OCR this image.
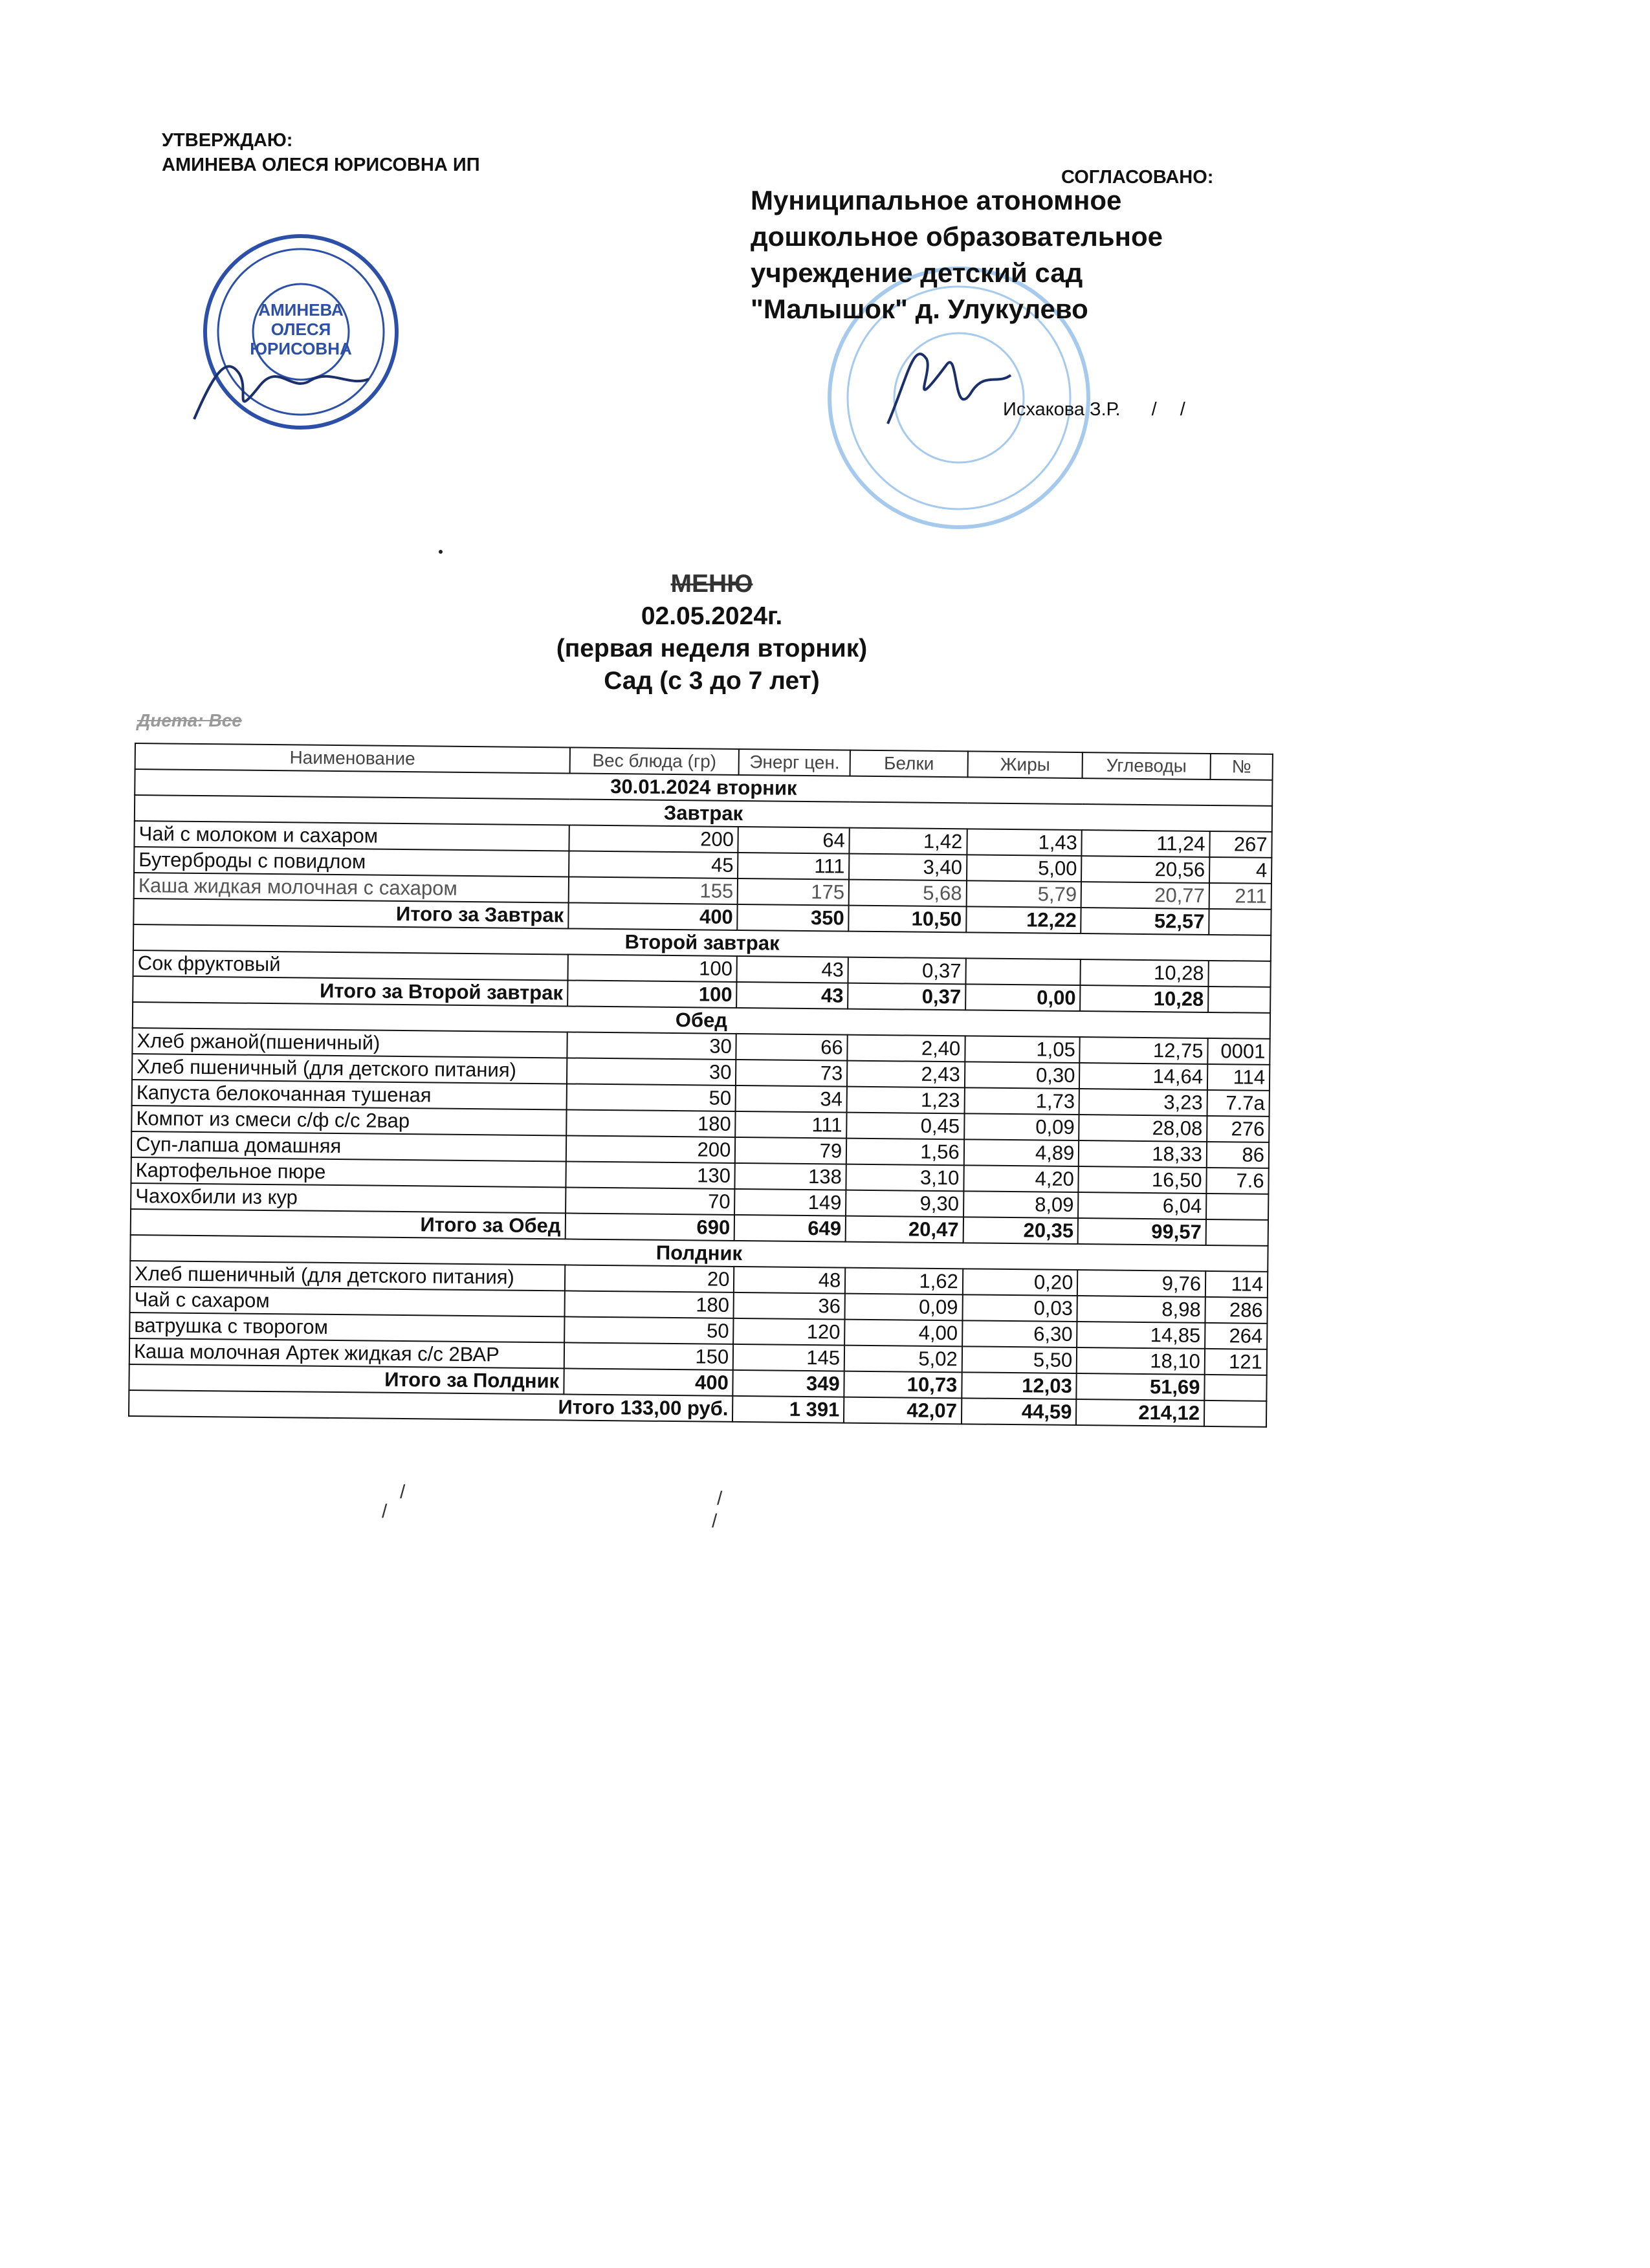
УТВЕРЖДАЮ:
АМИНЕВА ОЛЕСЯ ЮРИСОВНА ИП
АМИНЕВА
ОЛЕСЯ
ЮРИСОВНА
СОГЛАСОВАНО:
Муниципальное атономное
дошкольное образовательное
учреждение детский сад
"Малышок" д. Улукулево
Исхакова З.Р. / /
МЕНЮ
02.05.2024г.
(первая неделя вторник)
Сад (с 3 до 7 лет)
Диета: Все
Наименование	Вес блюда (гр)	Энерг цен.	Белки	Жиры	Углеводы	№
30.01.2024 вторник						
Завтрак						
Чай с молоком и сахаром	200	64	1,42	1,43	11,24	267
Бутерброды с повидлом	45	111	3,40	5,00	20,56	4
Каша жидкая молочная с сахаром	155	175	5,68	5,79	20,77	211
Итого за Завтрак	400	350	10,50	12,22	52,57	
Второй завтрак						
Сок фруктовый	100	43	0,37		10,28	
Итого за Второй завтрак	100	43	0,37	0,00	10,28	
Обед						
Хлеб ржаной(пшеничный)	30	66	2,40	1,05	12,75	0001
Хлеб пшеничный (для детского питания)	30	73	2,43	0,30	14,64	114
Капуста белокочанная тушеная	50	34	1,23	1,73	3,23	7.7а
Компот из смеси с/ф с/с 2вар	180	111	0,45	0,09	28,08	276
Суп-лапша домашняя	200	79	1,56	4,89	18,33	86
Картофельное пюре	130	138	3,10	4,20	16,50	7.6
Чахохбили из кур	70	149	9,30	8,09	6,04	
Итого за Обед	690	649	20,47	20,35	99,57	
Полдник						
Хлеб пшеничный (для детского питания)	20	48	1,62	0,20	9,76	114
Чай с сахаром	180	36	0,09	0,03	8,98	286
ватрушка с творогом	50	120	4,00	6,30	14,85	264
Каша молочная Артек жидкая с/с 2ВАР	150	145	5,02	5,50	18,10	121
Итого за Полдник	400	349	10,73	12,03	51,69	
Итого 133,00 руб.		1 391	42,07	44,59	214,12	
/
/
/
/
